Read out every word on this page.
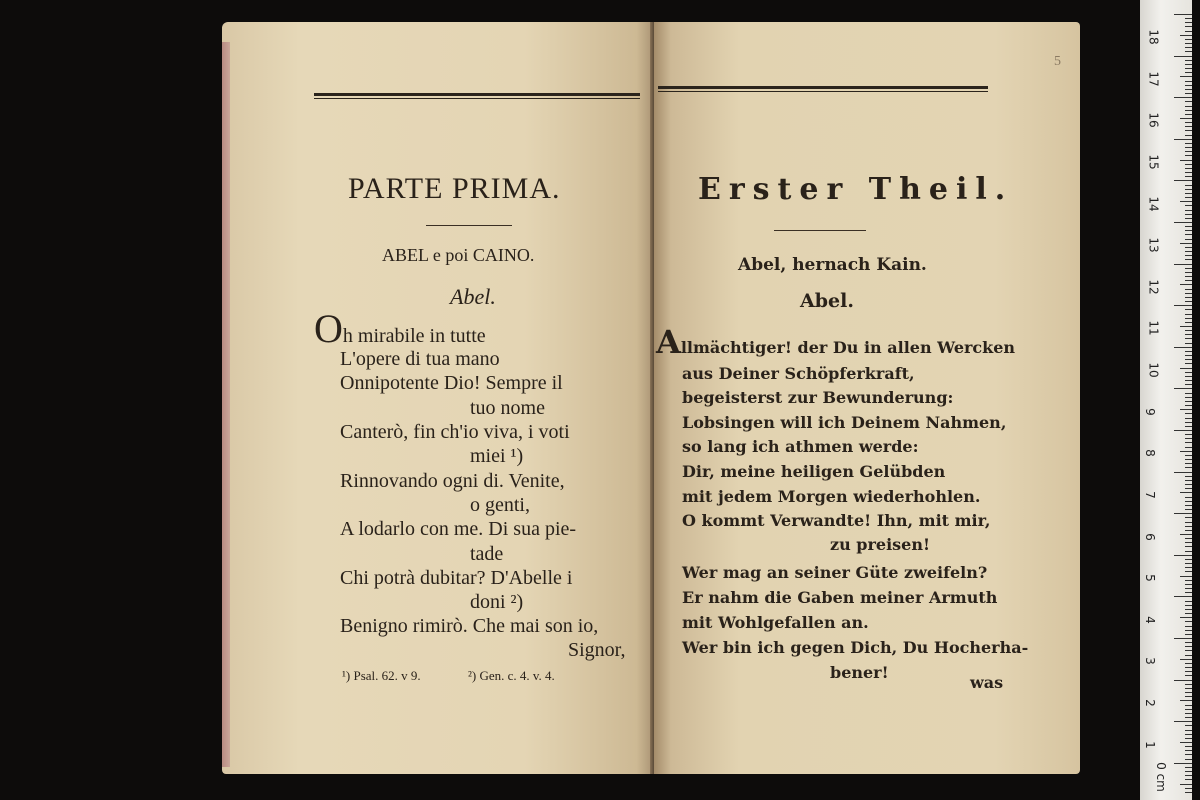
PARTE PRIMA.
ABEL e poi CAINO.
Abel.
Oh mirabile in tutte
L'opere di tua mano
Onnipotente Dio! Sempre il
tuo nome
Canterò, fin ch'io viva, i voti
miei ¹)
Rinnovando ogni di. Venite,
o genti,
A lodarlo con me. Di sua pie-
tade
Chi potrà dubitar? D'Abelle i
doni ²)
Benigno rimirò. Che mai son io,
Signor,
¹) Psal. 62. v 9.	²) Gen. c. 4. v. 4.
5
Erster Theil.
Abel, hernach Kain.
Abel.
Allmächtiger! der Du in allen Wercken
aus Deiner Schöpferkraft,
begeisterst zur Bewunderung:
Lobsingen will ich Deinem Nahmen,
so lang ich athmen werde:
Dir, meine heiligen Gelübden
mit jedem Morgen wiederhohlen.
O kommt Verwandte! Ihn, mit mir,
zu preisen!
Wer mag an seiner Güte zweifeln?
Er nahm die Gaben meiner Armuth
mit Wohlgefallen an.
Wer bin ich gegen Dich, Du Hocherha-
bener!
was
18
17
16
15
14
13
12
11
10
9
8
7
6
5
4
3
2
1
0 cm
